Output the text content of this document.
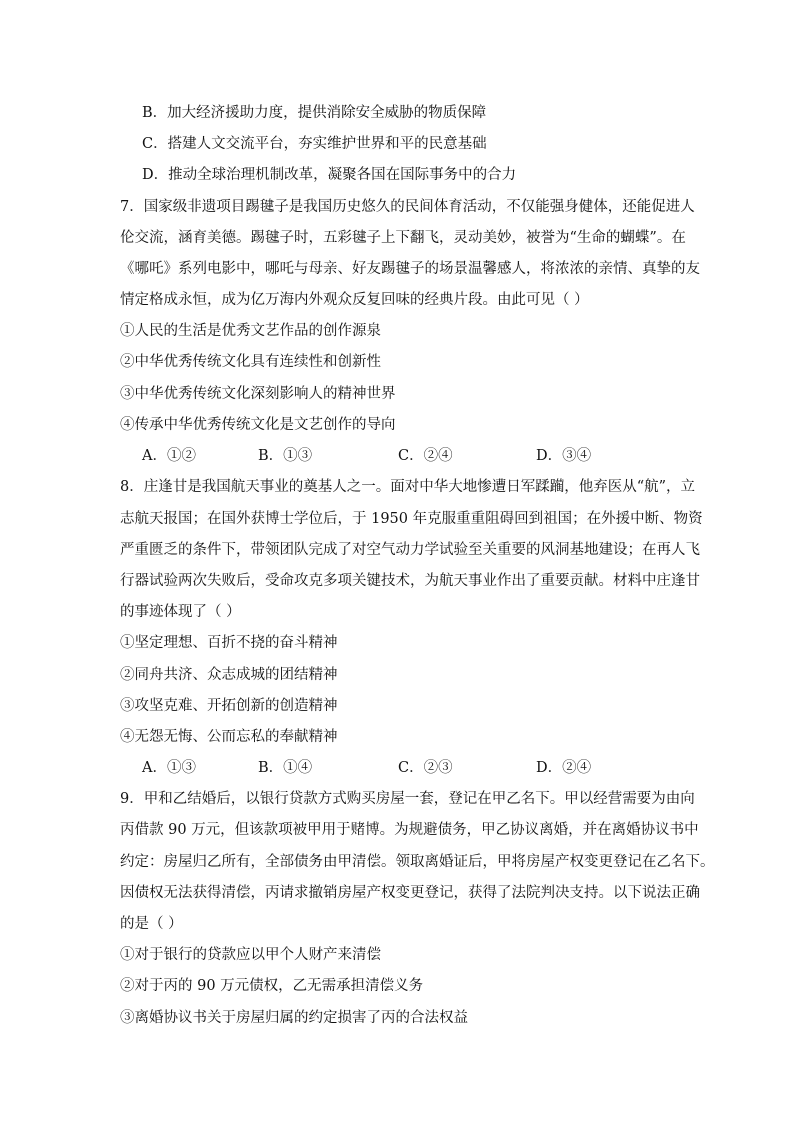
B．加大经济援助力度，提供消除安全威胁的物质保障
C．搭建人文交流平台，夯实维护世界和平的民意基础
D．推动全球治理机制改革，凝聚各国在国际事务中的合力
7．国家级非遗项目踢毽子是我国历史悠久的民间体育活动，不仅能强身健体，还能促进人
伦交流，涵育美德。踢毽子时，五彩毽子上下翻飞，灵动美妙，被誉为“生命的蝴蝶”。在
《哪吒》系列电影中，哪吒与母亲、好友踢毽子的场景温馨感人，将浓浓的亲情、真挚的友
情定格成永恒，成为亿万海内外观众反复回味的经典片段。由此可见（ ）
①人民的生活是优秀文艺作品的创作源泉
②中华优秀传统文化具有连续性和创新性
③中华优秀传统文化深刻影响人的精神世界
④传承中华优秀传统文化是文艺创作的导向
A．①②	B．①③	C．②④	D．③④
8．庄逢甘是我国航天事业的奠基人之一。面对中华大地惨遭日军蹂躏，他弃医从“航”，立
志航天报国；在国外获博士学位后，于 1950 年克服重重阻碍回到祖国；在外援中断、物资
严重匮乏的条件下，带领团队完成了对空气动力学试验至关重要的风洞基地建设；在再人飞
行器试验两次失败后，受命攻克多项关键技术，为航天事业作出了重要贡献。材料中庄逢甘
的事迹体现了（ ）
①坚定理想、百折不挠的奋斗精神
②同舟共济、众志成城的团结精神
③攻坚克难、开拓创新的创造精神
④无怨无悔、公而忘私的奉献精神
A．①③	B．①④	C．②③	D．②④
9．甲和乙结婚后，以银行贷款方式购买房屋一套，登记在甲乙名下。甲以经营需要为由向
丙借款 90 万元，但该款项被甲用于赌博。为规避债务，甲乙协议离婚，并在离婚协议书中
约定：房屋归乙所有，全部债务由甲清偿。领取离婚证后，甲将房屋产权变更登记在乙名下。
因债权无法获得清偿，丙请求撤销房屋产权变更登记，获得了法院判决支持。以下说法正确
的是（ ）
①对于银行的贷款应以甲个人财产来清偿
②对于丙的 90 万元债权，乙无需承担清偿义务
③离婚协议书关于房屋归属的约定损害了丙的合法权益
